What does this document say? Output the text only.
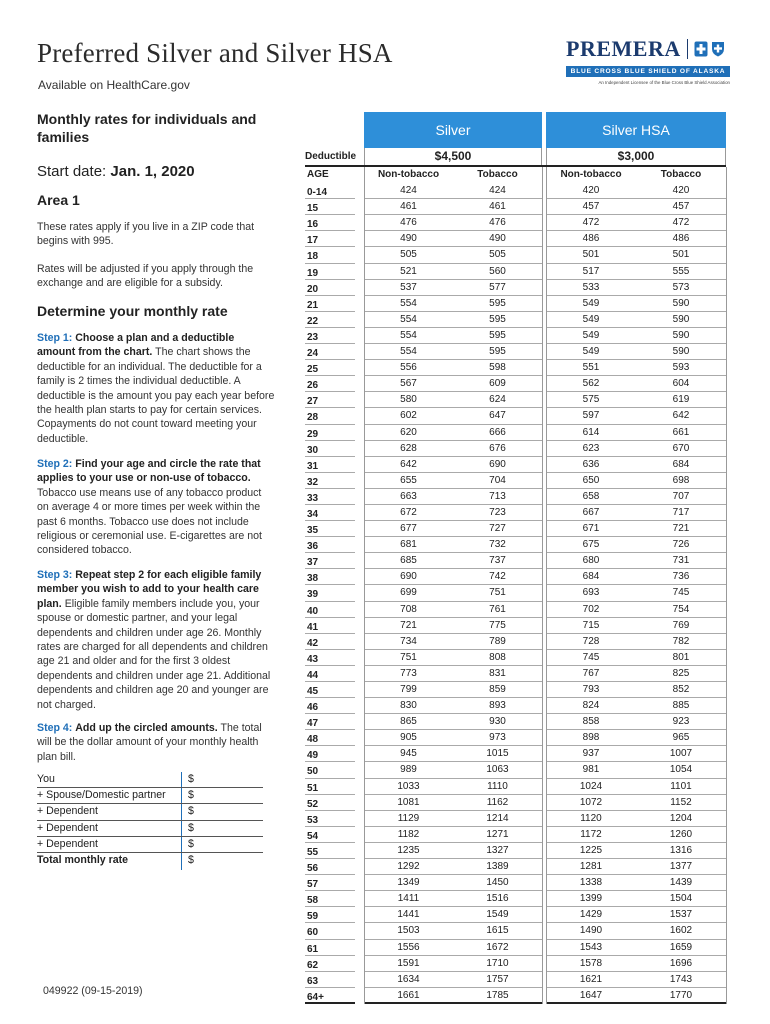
Preferred Silver and Silver HSA
Available on HealthCare.gov
PREMERA
BLUE CROSS BLUE SHIELD OF ALASKA
An Independent Licensee of the Blue Cross Blue Shield Association
Monthly rates for individuals and families
Start date: Jan. 1, 2020
Area 1
These rates apply if you live in a ZIP code that begins with 995.
Rates will be adjusted if you apply through the exchange and are eligible for a subsidy.
Determine your monthly rate
Step 1: Choose a plan and a deductible amount from the chart. The chart shows the deductible for an individual. The deductible for a family is 2 times the individual deductible. A deductible is the amount you pay each year before the health plan starts to pay for certain services. Copayments do not count toward meeting your deductible.
Step 2: Find your age and circle the rate that applies to your use or non-use of tobacco. Tobacco use means use of any tobacco product on average 4 or more times per week within the past 6 months. Tobacco use does not include religious or ceremonial use. E-cigarettes are not considered tobacco.
Step 3: Repeat step 2 for each eligible family member you wish to add to your health care plan. Eligible family members include you, your spouse or domestic partner, and your legal dependents and children under age 26. Monthly rates are charged for all dependents and children age 21 and older and for the first 3 oldest dependents and children under age 21. Additional dependents and children age 20 and younger are not charged.
Step 4: Add up the circled amounts. The total will be the dollar amount of your monthly health plan bill.
You	$
+ Spouse/Domestic partner $
+ Dependent	$
+ Dependent	$
+ Dependent	$
Total monthly rate	$
049922 (09-15-2019)
Silver	Silver HSA
Deductible	$4,500	$3,000
AGE	Non-tobacco	Tobacco	Non-tobacco	Tobacco
0-14	424	424	420	420
15	461	461	457	457
16	476	476	472	472
17	490	490	486	486
18	505	505	501	501
19	521	560	517	555
20	537	577	533	573
21	554	595	549	590
22	554	595	549	590
23	554	595	549	590
24	554	595	549	590
25	556	598	551	593
26	567	609	562	604
27	580	624	575	619
28	602	647	597	642
29	620	666	614	661
30	628	676	623	670
31	642	690	636	684
32	655	704	650	698
33	663	713	658	707
34	672	723	667	717
35	677	727	671	721
36	681	732	675	726
37	685	737	680	731
38	690	742	684	736
39	699	751	693	745
40	708	761	702	754
41	721	775	715	769
42	734	789	728	782
43	751	808	745	801
44	773	831	767	825
45	799	859	793	852
46	830	893	824	885
47	865	930	858	923
48	905	973	898	965
49	945	1015	937	1007
50	989	1063	981	1054
51	1033	1110	1024	1101
52	1081	1162	1072	1152
53	1129	1214	1120	1204
54	1182	1271	1172	1260
55	1235	1327	1225	1316
56	1292	1389	1281	1377
57	1349	1450	1338	1439
58	1411	1516	1399	1504
59	1441	1549	1429	1537
60	1503	1615	1490	1602
61	1556	1672	1543	1659
62	1591	1710	1578	1696
63	1634	1757	1621	1743
64+	1661	1785	1647	1770
